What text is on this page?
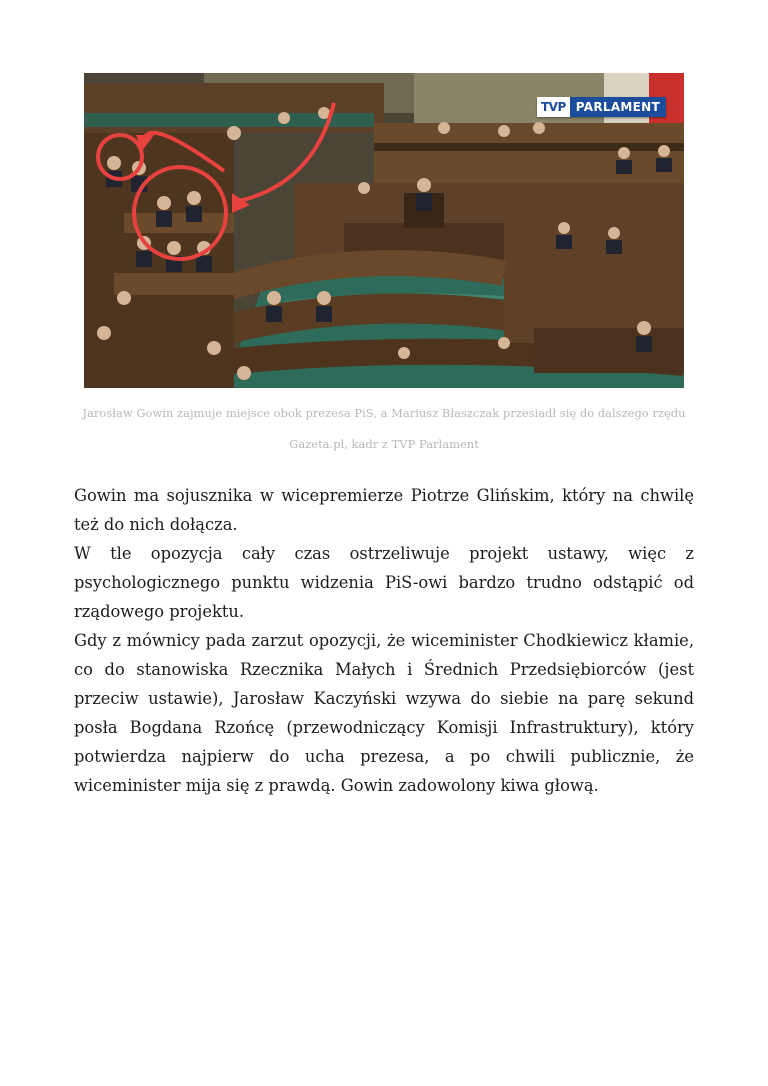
TVP PARLAMENT
Jarosław Gowin zajmuje miejsce obok prezesa PiS, a Mariusz Błaszczak przesiadł się do dalszego rzędu Gazeta.pl, kadr z TVP Parlament

Gowin ma sojusznika w wicepremierze Piotrze Glińskim, który na chwilę też do nich dołącza.

W tle opozycja cały czas ostrzeliwuje projekt ustawy, więc z psychologicznego punktu widzenia PiS-owi bardzo trudno odstąpić od rządowego projektu.

Gdy z mównicy pada zarzut opozycji, że wiceminister Chodkiewicz kłamie, co do stanowiska Rzecznika Małych i Średnich Przedsiębiorców (jest przeciw ustawie), Jarosław Kaczyński wzywa do siebie na parę sekund posła Bogdana Rzońcę (przewodniczący Komisji Infrastruktury), który potwierdza najpierw do ucha prezesa, a po chwili publicznie, że wiceminister mija się z prawdą. Gowin zadowolony kiwa głową.
